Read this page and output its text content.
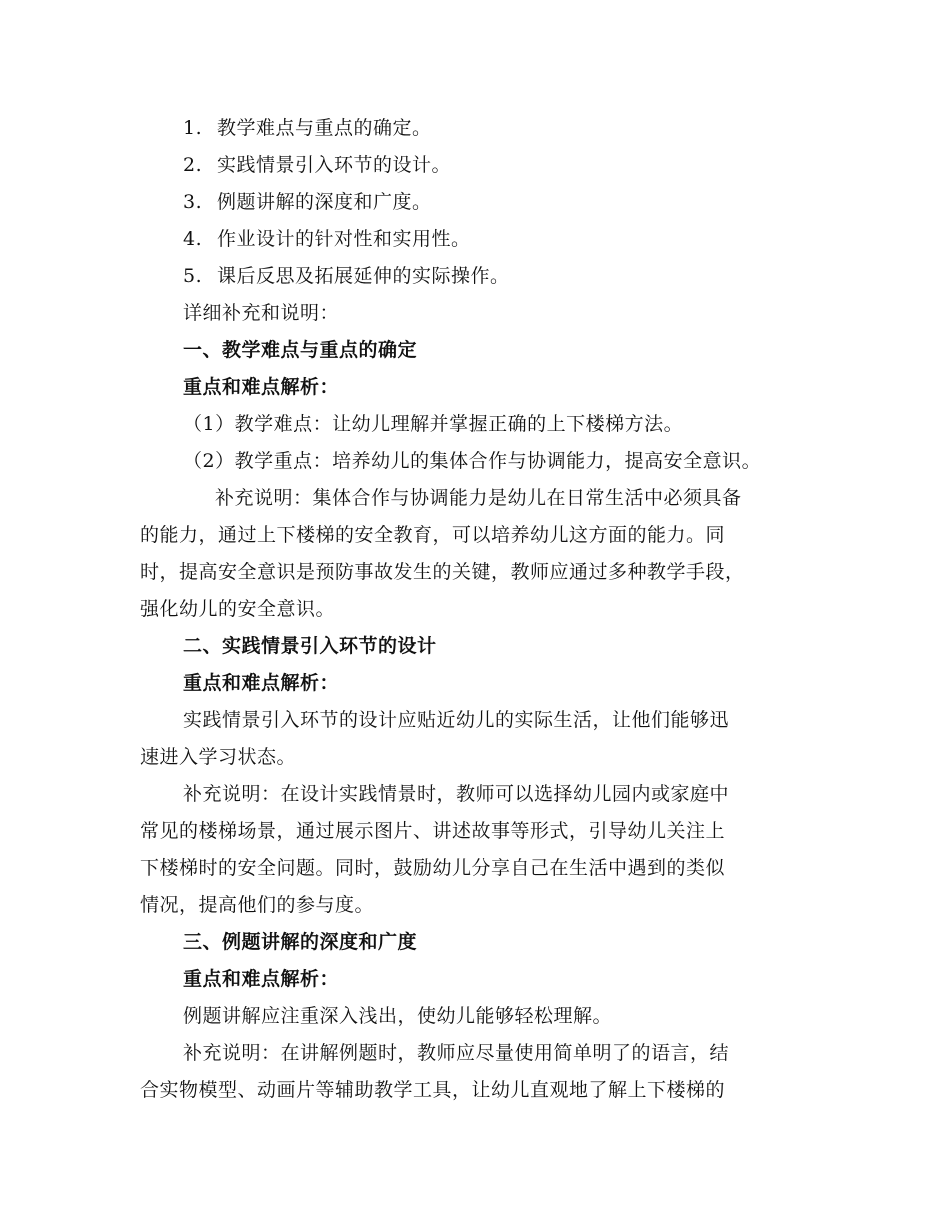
1. 教学难点与重点的确定。
2. 实践情景引入环节的设计。
3. 例题讲解的深度和广度。
4. 作业设计的针对性和实用性。
5. 课后反思及拓展延伸的实际操作。
详细补充和说明：
一、教学难点与重点的确定
重点和难点解析：
（1）教学难点：让幼儿理解并掌握正确的上下楼梯方法。
（2）教学重点：培养幼儿的集体合作与协调能力，提高安全意识。
补充说明：集体合作与协调能力是幼儿在日常生活中必须具备
的能力，通过上下楼梯的安全教育，可以培养幼儿这方面的能力。同
时，提高安全意识是预防事故发生的关键，教师应通过多种教学手段，
强化幼儿的安全意识。
二、实践情景引入环节的设计
重点和难点解析：
实践情景引入环节的设计应贴近幼儿的实际生活，让他们能够迅
速进入学习状态。
补充说明：在设计实践情景时，教师可以选择幼儿园内或家庭中
常见的楼梯场景，通过展示图片、讲述故事等形式，引导幼儿关注上
下楼梯时的安全问题。同时，鼓励幼儿分享自己在生活中遇到的类似
情况，提高他们的参与度。
三、例题讲解的深度和广度
重点和难点解析：
例题讲解应注重深入浅出，使幼儿能够轻松理解。
补充说明：在讲解例题时，教师应尽量使用简单明了的语言，结
合实物模型、动画片等辅助教学工具，让幼儿直观地了解上下楼梯的
